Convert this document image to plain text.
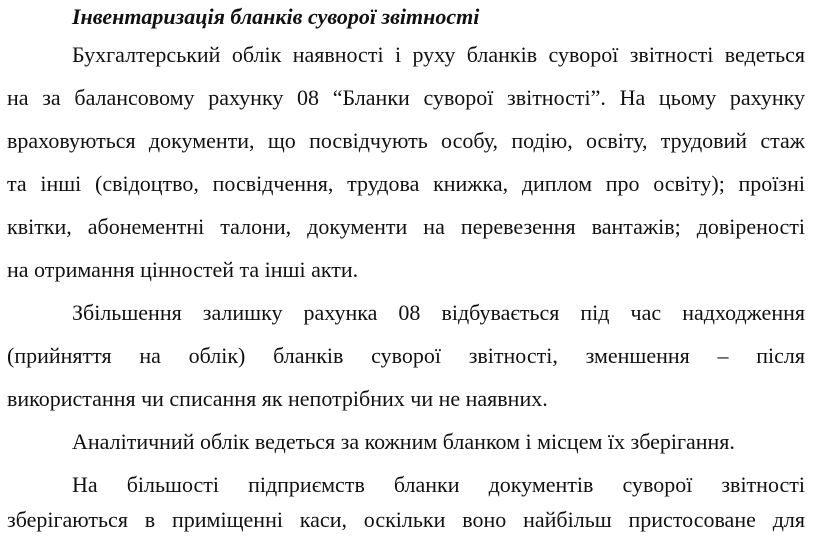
Інвентаризація бланків суворої звітності
Бухгалтерський облік наявності і руху бланків суворої звітності ведеться
на за балансовому рахунку 08 “Бланки суворої звітності”. На цьому рахунку
враховуються документи, що посвідчують особу, подію, освіту, трудовий стаж
та інші (свідоцтво, посвідчення, трудова книжка, диплом про освіту); проїзні
квітки, абонементні талони, документи на перевезення вантажів; довіреності
на отримання цінностей та інші акти.
Збільшення залишку рахунка 08 відбувається під час надходження
(прийняття на облік) бланків суворої звітності, зменшення – після
використання чи списання як непотрібних чи не наявних.
Аналітичний облік ведеться за кожним бланком і місцем їх зберігання.
На більшості підприємств бланки документів суворої звітності
зберігаються в приміщенні каси, оскільки воно найбільш пристосоване для
